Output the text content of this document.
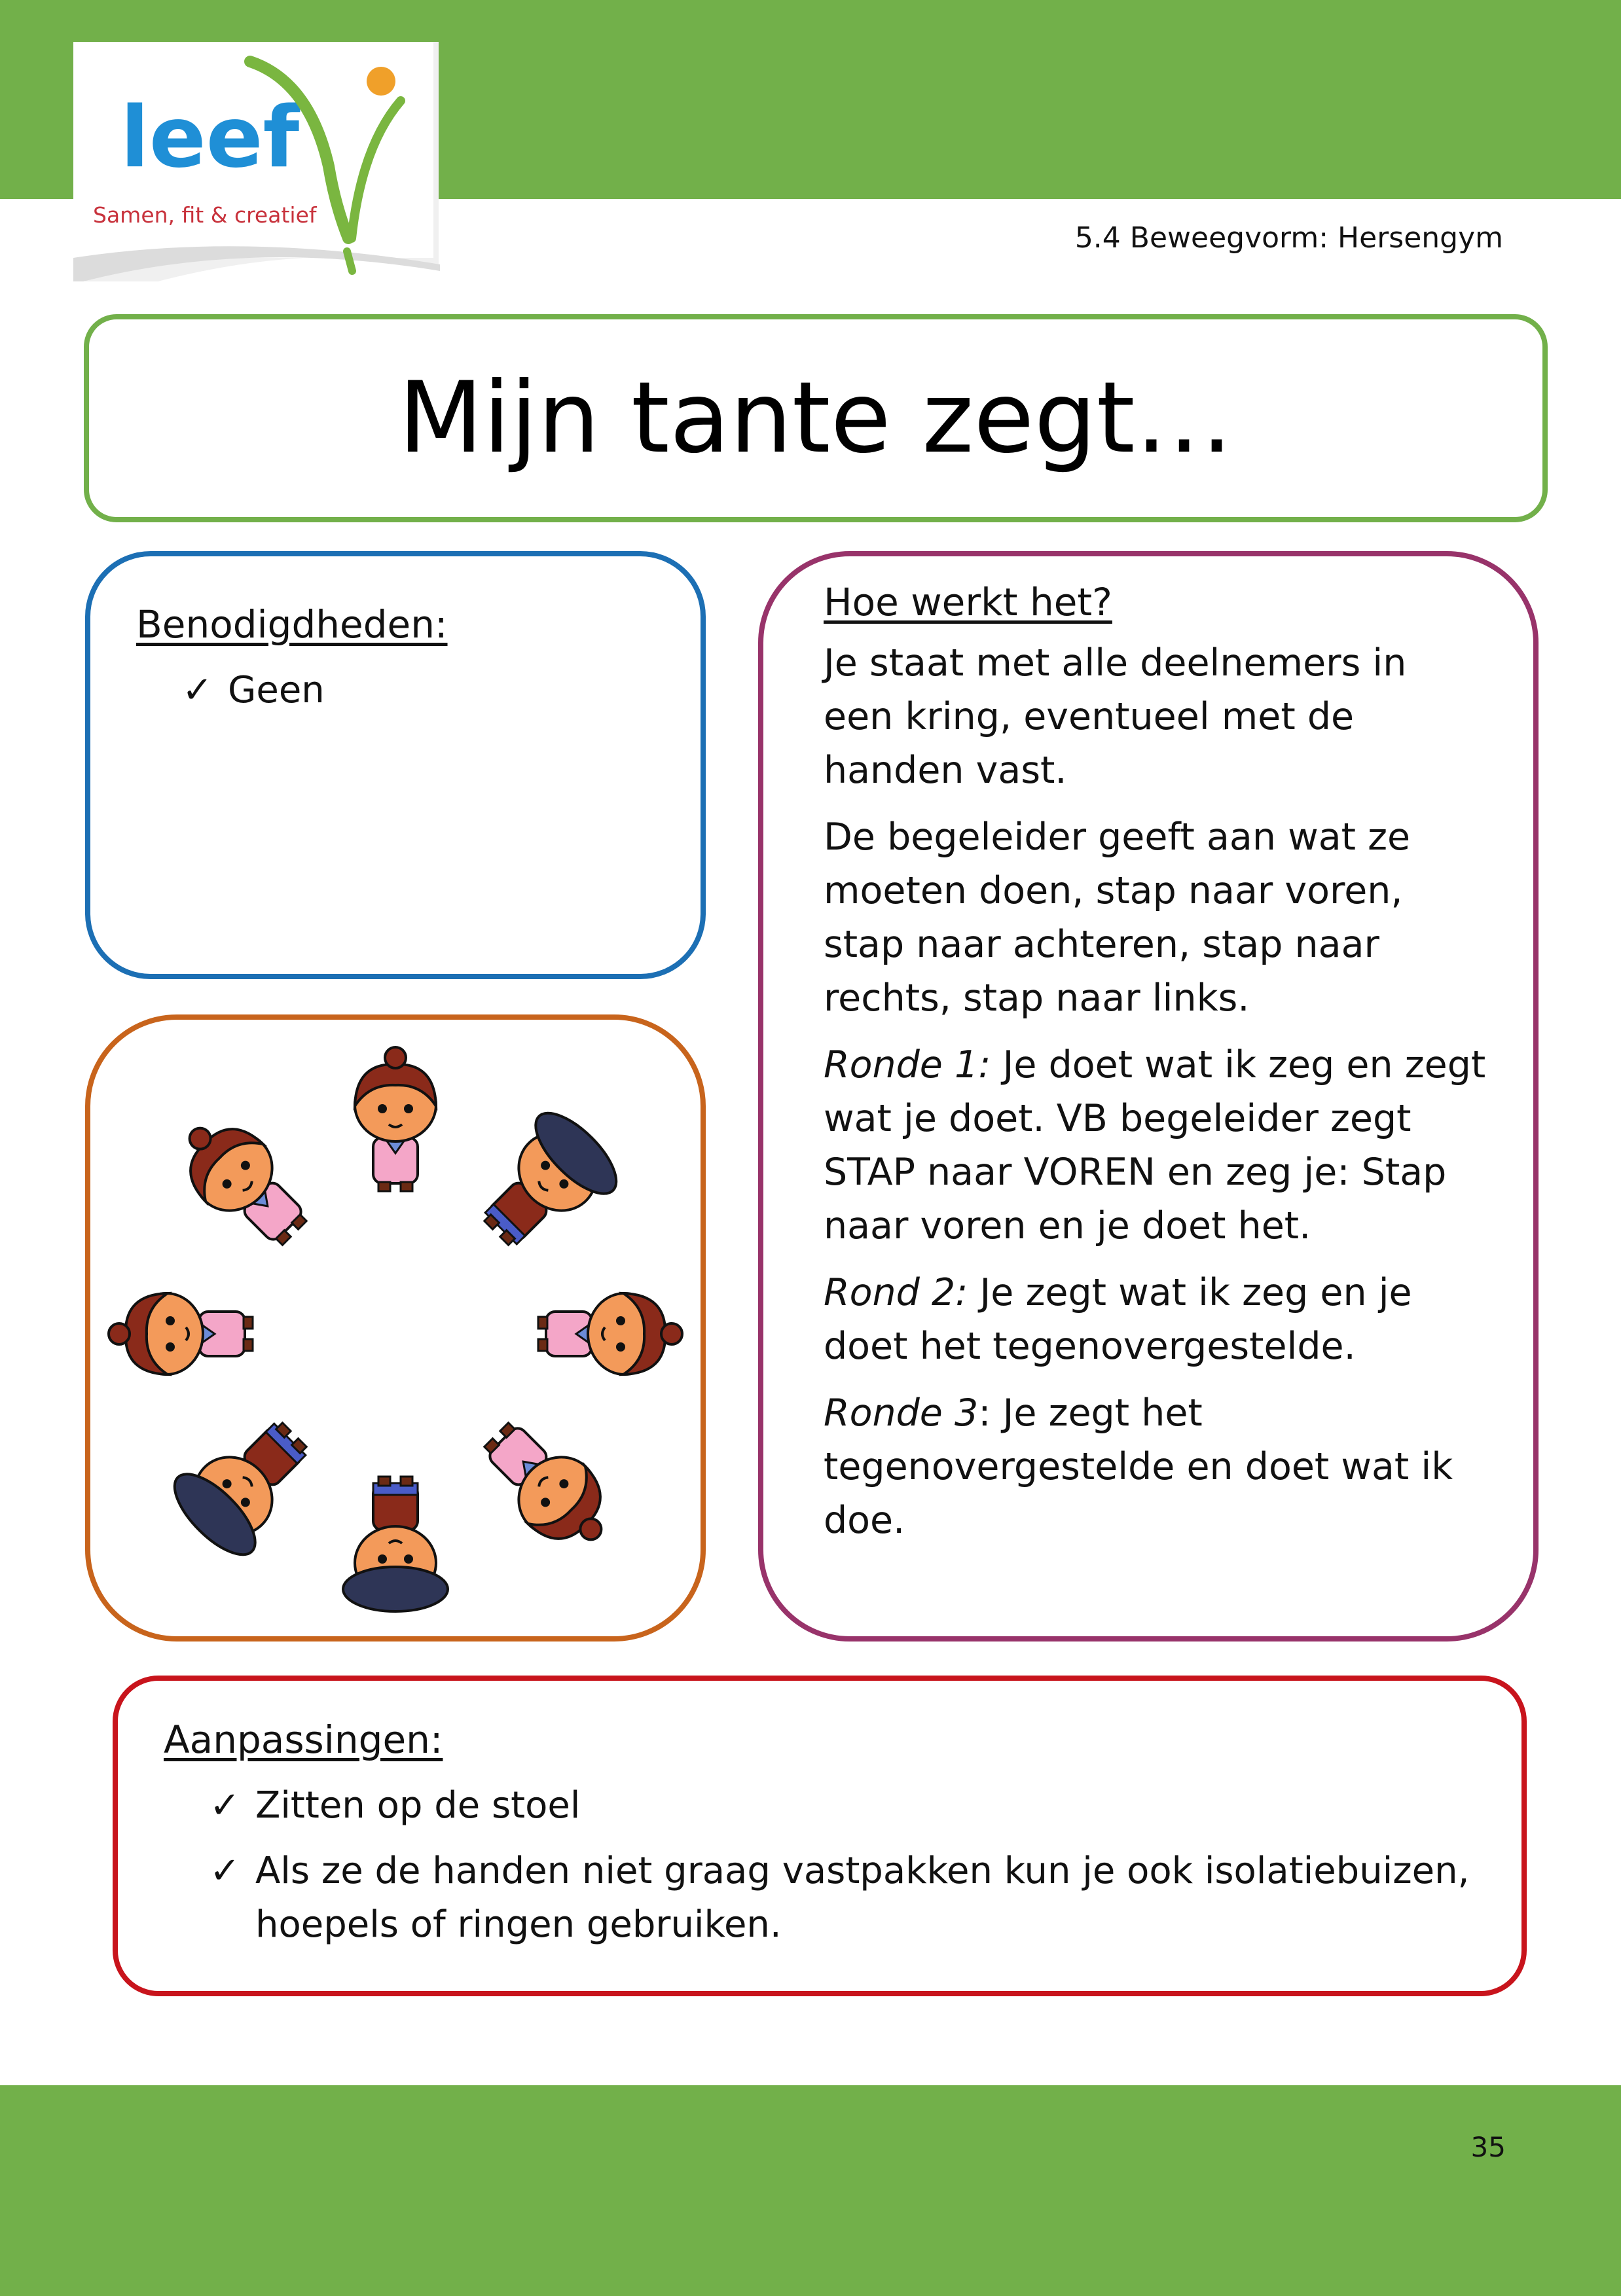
leef
Samen, fit & creatief
5.4 Beweegvorm: Hersengym
Mijn tante zegt…
Benodigdheden:
✓ Geen
Hoe werkt het?

Je staat met alle deelnemers in een kring, eventueel met de handen vast.

De begeleider geeft aan wat ze moeten doen, stap naar voren, stap naar achteren, stap naar rechts, stap naar links.

Ronde 1: Je doet wat ik zeg en zegt wat je doet. VB begeleider zegt STAP naar VOREN en zeg je: Stap naar voren en je doet het.

Rond 2: Je zegt wat ik zeg en je doet het tegenovergestelde.

Ronde 3: Je zegt het tegenovergestelde en doet wat ik doe.

Aanpassingen:
✓ Zitten op de stoel
✓ Als ze de handen niet graag vastpakken kun je ook isolatiebuizen, hoepels of ringen gebruiken.
35
